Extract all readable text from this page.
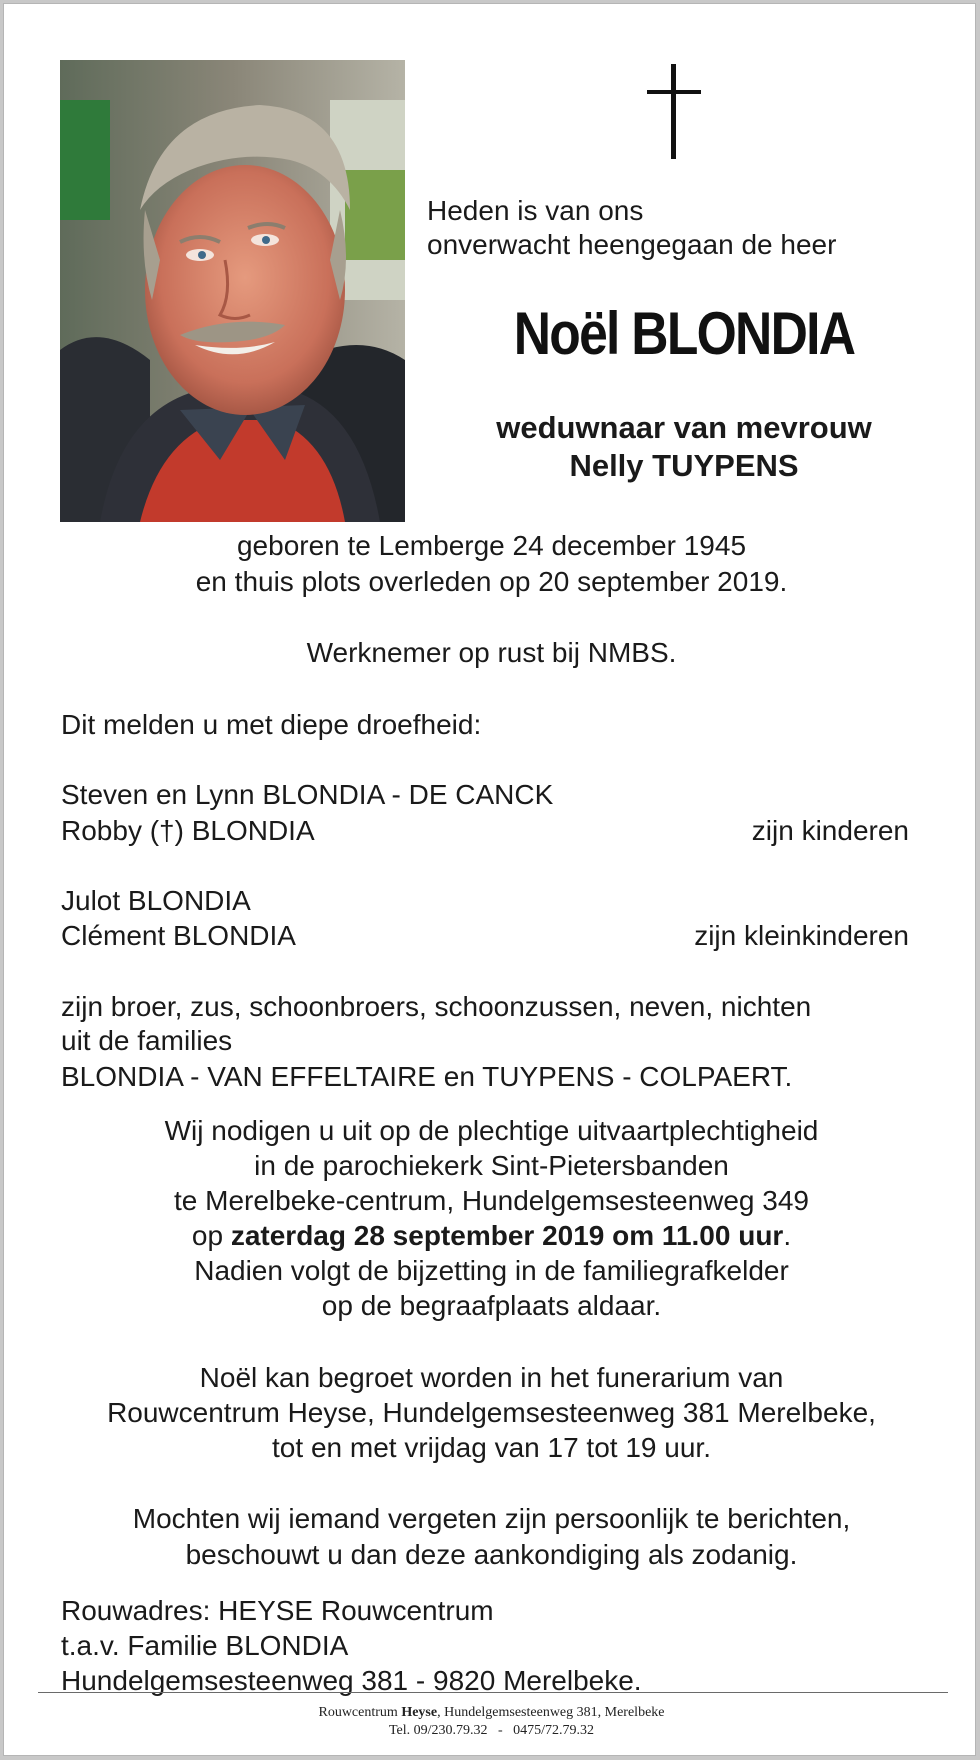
Heden is van ons
onverwacht heengegaan de heer
Noël BLONDIA
weduwnaar van mevrouw
Nelly TUYPENS
geboren te Lemberge 24 december 1945
en thuis plots overleden op 20 september 2019.
Werknemer op rust bij NMBS.
Dit melden u met diepe droefheid:
Steven en Lynn BLONDIA - DE CANCK
Robby (†) BLONDIA	zijn kinderen
Julot BLONDIA
Clément BLONDIA	zijn kleinkinderen
zijn broer, zus, schoonbroers, schoonzussen, neven, nichten
uit de families
BLONDIA - VAN EFFELTAIRE en TUYPENS - COLPAERT.
Wij nodigen u uit op de plechtige uitvaartplechtigheid
in de parochiekerk Sint-Pietersbanden
te Merelbeke-centrum, Hundelgemsesteenweg 349
op zaterdag 28 september 2019 om 11.00 uur.
Nadien volgt de bijzetting in de familiegrafkelder
op de begraafplaats aldaar.
Noël kan begroet worden in het funerarium van
Rouwcentrum Heyse, Hundelgemsesteenweg 381 Merelbeke,
tot en met vrijdag van 17 tot 19 uur.
Mochten wij iemand vergeten zijn persoonlijk te berichten,
beschouwt u dan deze aankondiging als zodanig.
Rouwadres: HEYSE Rouwcentrum
t.a.v. Familie BLONDIA
Hundelgemsesteenweg 381 - 9820 Merelbeke.
Rouwcentrum Heyse, Hundelgemsesteenweg 381, Merelbeke
Tel. 09/230.79.32   -   0475/72.79.32
